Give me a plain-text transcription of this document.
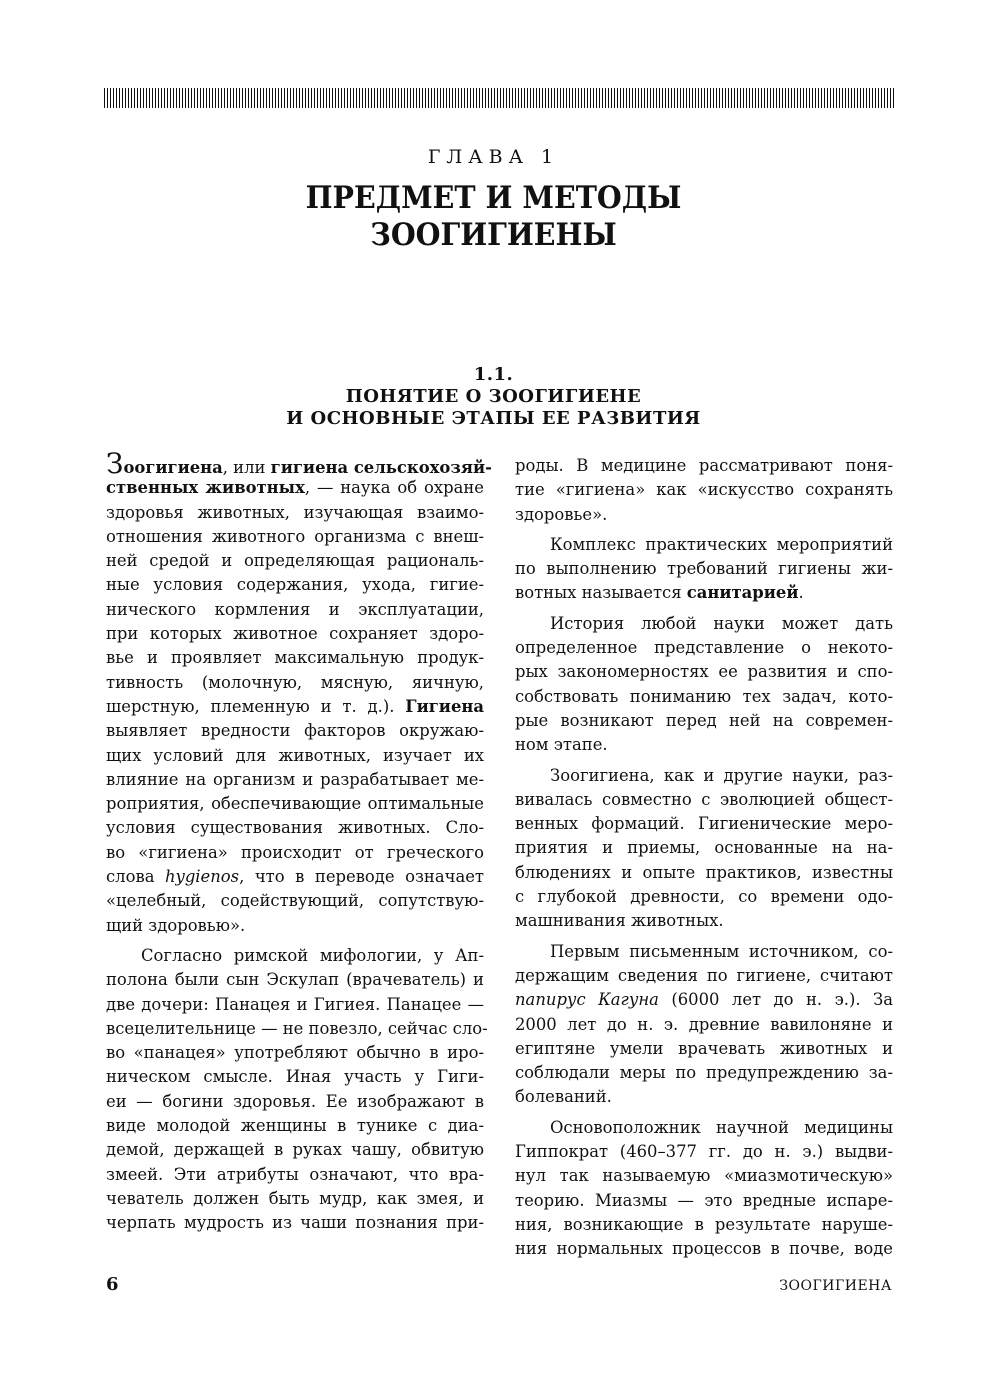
ГЛАВА 1
ПРЕДМЕТ И МЕТОДЫ
ЗООГИГИЕНЫ
1.1.
ПОНЯТИЕ О ЗООГИГИЕНЕ
И ОСНОВНЫЕ ЭТАПЫ ЕЕ РАЗВИТИЯ
Зоогигиена, или гигиена сельскохозяй-
ственных животных, — наука об охране
здоровья животных, изучающая взаимо-
отношения животного организма с внеш-
ней средой и определяющая рациональ-
ные условия содержания, ухода, гигие-
нического кормления и эксплуатации,
при которых животное сохраняет здоро-
вье и проявляет максимальную продук-
тивность (молочную, мясную, яичную,
шерстную, племенную и т. д.). Гигиена
выявляет вредности факторов окружаю-
щих условий для животных, изучает их
влияние на организм и разрабатывает ме-
роприятия, обеспечивающие оптимальные
условия существования животных. Сло-
во «гигиена» происходит от греческого
слова hygienos, что в переводе означает
«целебный, содействующий, сопутствую-
щий здоровью».
Согласно римской мифологии, у Ап-
полона были сын Эскулап (врачеватель) и
две дочери: Панацея и Гигиея. Панацее —
всецелительнице — не повезло, сейчас сло-
во «панацея» употребляют обычно в иро-
ническом смысле. Иная участь у Гиги-
еи — богини здоровья. Ее изображают в
виде молодой женщины в тунике с диа-
демой, держащей в руках чашу, обвитую
змеей. Эти атрибуты означают, что вра-
чеватель должен быть мудр, как змея, и
черпать мудрость из чаши познания при-
роды. В медицине рассматривают поня-
тие «гигиена» как «искусство сохранять
здоровье».
Комплекс практических мероприятий
по выполнению требований гигиены жи-
вотных называется санитарией.
История любой науки может дать
определенное представление о некото-
рых закономерностях ее развития и спо-
собствовать пониманию тех задач, кото-
рые возникают перед ней на современ-
ном этапе.
Зоогигиена, как и другие науки, раз-
вивалась совместно с эволюцией общест-
венных формаций. Гигиенические меро-
приятия и приемы, основанные на на-
блюдениях и опыте практиков, известны
с глубокой древности, со времени одо-
машнивания животных.
Первым письменным источником, со-
держащим сведения по гигиене, считают
папирус Кагуна (6000 лет до н. э.). За
2000 лет до н. э. древние вавилоняне и
египтяне умели врачевать животных и
соблюдали меры по предупреждению за-
болеваний.
Основоположник научной медицины
Гиппократ (460–377 гг. до н. э.) выдви-
нул так называемую «миазмотическую»
теорию. Миазмы — это вредные испаре-
ния, возникающие в результате наруше-
ния нормальных процессов в почве, воде
6	ЗООГИГИЕНА
